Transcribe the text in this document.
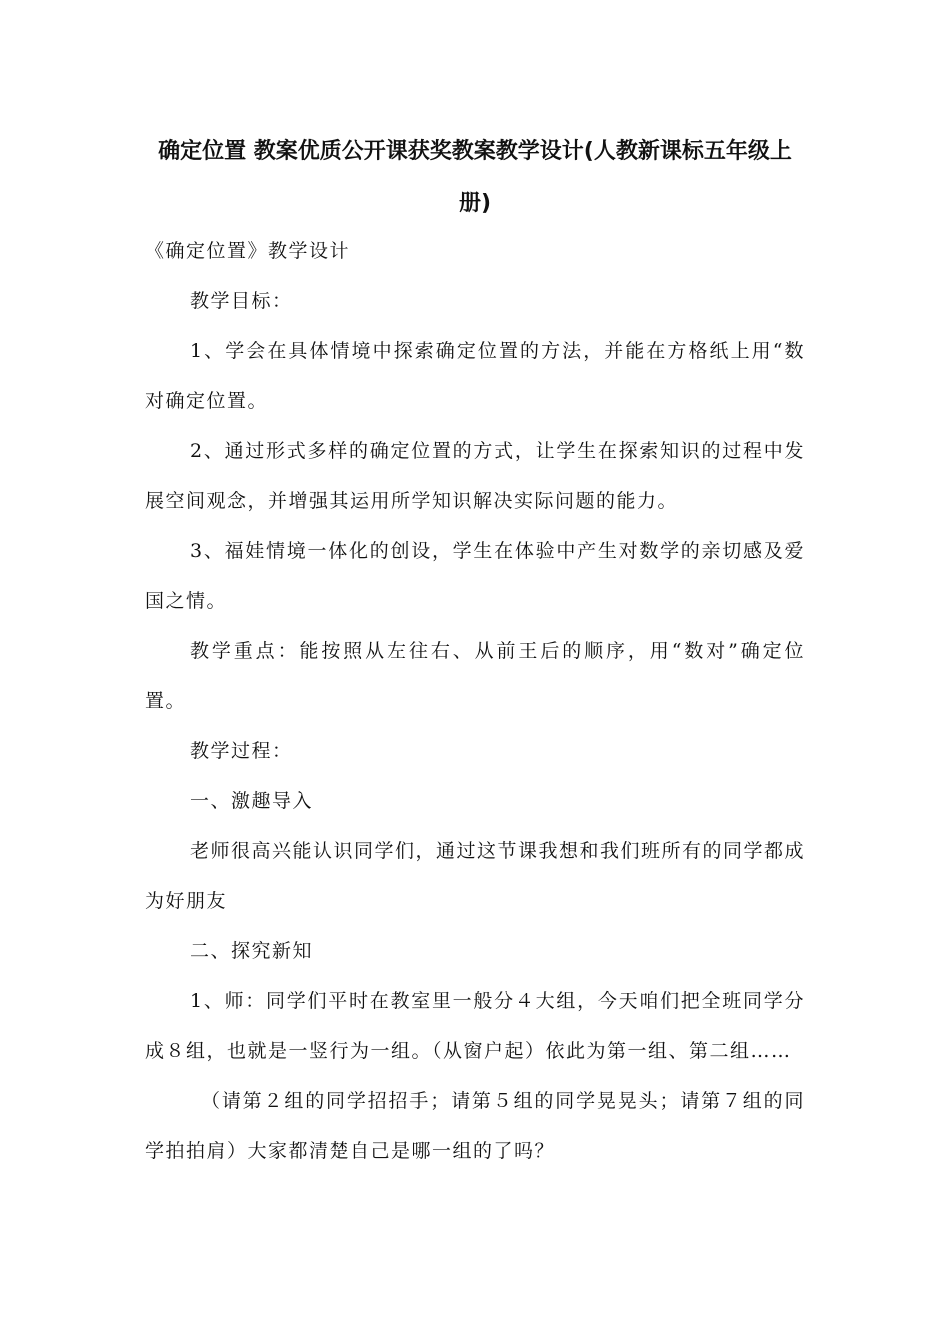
确定位置 教案优质公开课获奖教案教学设计(人教新课标五年级上册)

《确定位置》教学设计

教学目标：

1、学会在具体情境中探索确定位置的方法，并能在方格纸上用“数对确定位置。

2、通过形式多样的确定位置的方式，让学生在探索知识的过程中发展空间观念，并增强其运用所学知识解决实际问题的能力。

3、福娃情境一体化的创设，学生在体验中产生对数学的亲切感及爱国之情。

教学重点：能按照从左往右、从前王后的顺序，用“数对”确定位置。

教学过程：

一、激趣导入

老师很高兴能认识同学们，通过这节课我想和我们班所有的同学都成为好朋友

二、探究新知

1、师：同学们平时在教室里一般分４大组，今天咱们把全班同学分成８组，也就是一竖行为一组。（从窗户起）依此为第一组、第二组……

（请第２组的同学招招手；请第５组的同学晃晃头；请第７组的同学拍拍肩）大家都清楚自己是哪一组的了吗？
